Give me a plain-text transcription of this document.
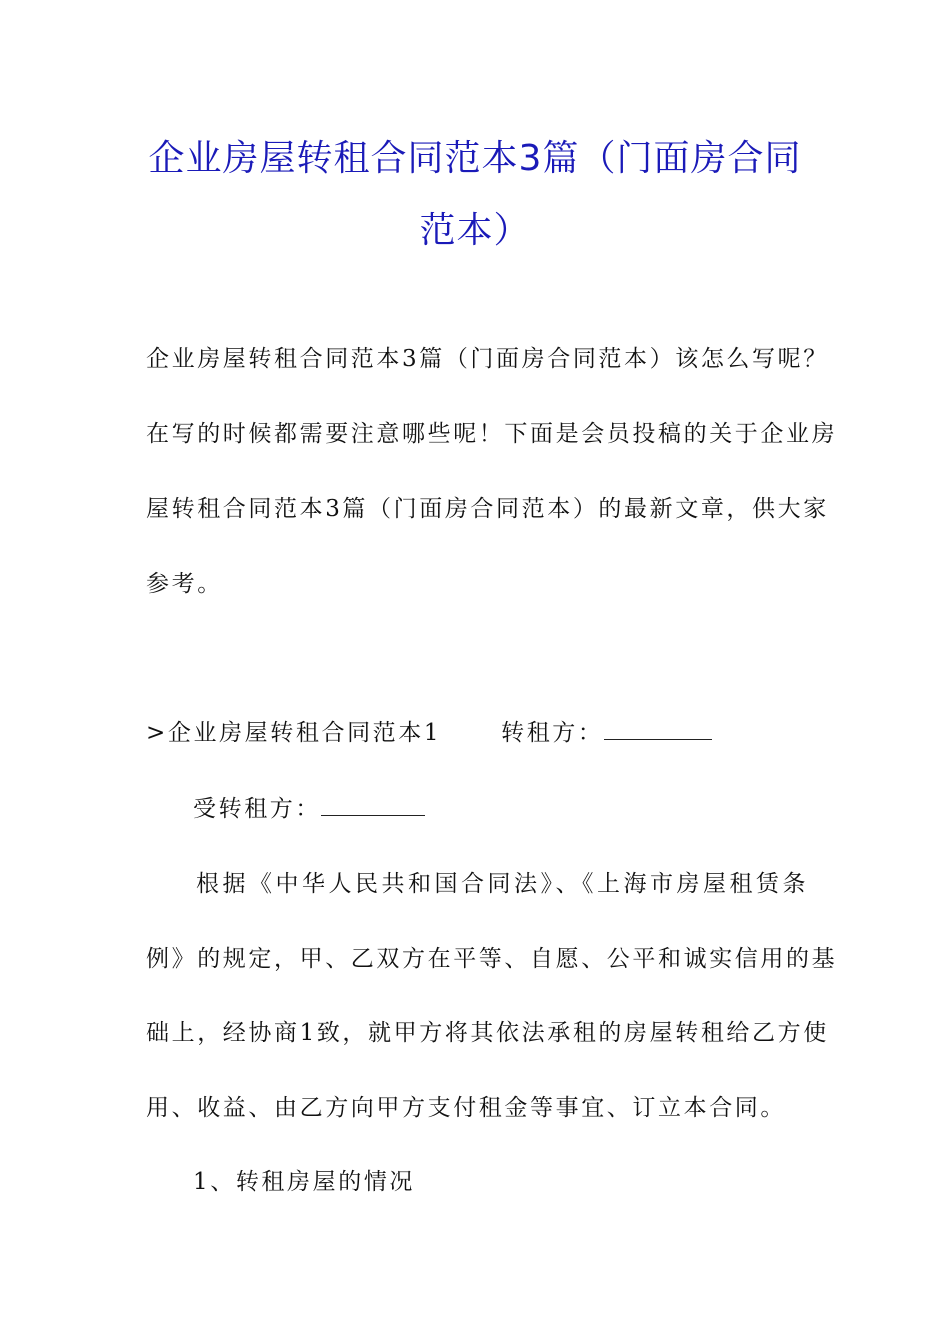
企业房屋转租合同范本3篇（门面房合同
范本）
企业房屋转租合同范本3篇（门面房合同范本）该怎么写呢？
在写的时候都需要注意哪些呢！下面是会员投稿的关于企业房
屋转租合同范本3篇（门面房合同范本）的最新文章，供大家
参考。
>企业房屋转租合同范本1	转租方：
受转租方：
根据《中华人民共和国合同法》、《上海市房屋租赁条
例》的规定，甲、乙双方在平等、自愿、公平和诚实信用的基
础上，经协商1致，就甲方将其依法承租的房屋转租给乙方使
用、收益、由乙方向甲方支付租金等事宜、订立本合同。
1、转租房屋的情况
